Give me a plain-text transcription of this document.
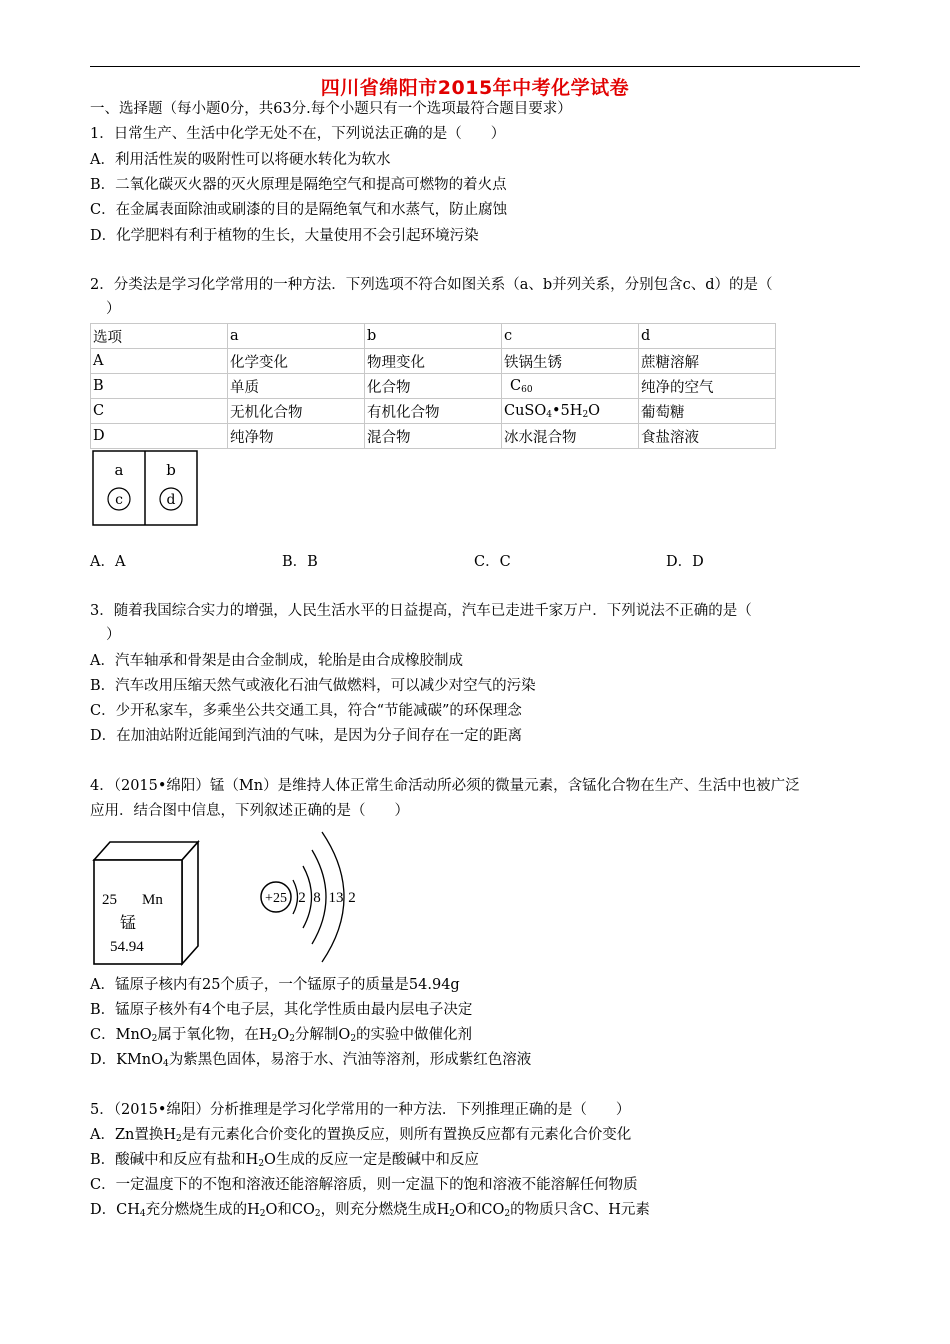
四川省绵阳市2015年中考化学试卷
一、选择题（每小题0分，共63分.每个小题只有一个选项最符合题目要求）
1．日常生产、生活中化学无处不在，下列说法正确的是（　　）
A．利用活性炭的吸附性可以将硬水转化为软水
B．二氧化碳灭火器的灭火原理是隔绝空气和提高可燃物的着火点
C．在金属表面除油或刷漆的目的是隔绝氧气和水蒸气，防止腐蚀
D．化学肥料有利于植物的生长，大量使用不会引起环境污染
2．分类法是学习化学常用的一种方法．下列选项不符合如图关系（a、b并列关系，分别包含c、d）的是（
）
选项	a	b	c	d
A	化学变化	物理变化	铁锅生锈	蔗糖溶解
B	单质	化合物	$C_{60}$	纯净的空气
C	无机化合物	有机化合物	$CuSO_4•5H_2O$	葡萄糖
D	纯净物	混合物	冰水混合物	食盐溶液
a	b
c	d
A．A	B．B	C．C	D．D
3．随着我国综合实力的增强，人民生活水平的日益提高，汽车已走进千家万户．下列说法不正确的是（
）
A．汽车轴承和骨架是由合金制成，轮胎是由合成橡胶制成
B．汽车改用压缩天然气或液化石油气做燃料，可以减少对空气的污染
C．少开私家车，多乘坐公共交通工具，符合“节能减碳”的环保理念
D．在加油站附近能闻到汽油的气味，是因为分子间存在一定的距离
4．（2015•绵阳）锰（Mn）是维持人体正常生命活动所必须的微量元素，含锰化合物在生产、生活中也被广泛
应用．结合图中信息，下列叙述正确的是（　　）
25 Mn
锰
54.94
+25 2 8 13 2
A．锰原子核内有25个质子，一个锰原子的质量是54.94g
B．锰原子核外有4个电子层，其化学性质由最内层电子决定
C．MnO$_2$属于氧化物，在$H_2O_2$分解制$O_2$的实验中做催化剂
D．KMnO$_4$为紫黑色固体，易溶于水、汽油等溶剂，形成紫红色溶液
5．（2015•绵阳）分析推理是学习化学常用的一种方法．下列推理正确的是（　　）
A．Zn置换$H_2$是有元素化合价变化的置换反应，则所有置换反应都有元素化合价变化
B．酸碱中和反应有盐和$H_2O$生成的反应一定是酸碱中和反应
C．一定温度下的不饱和溶液还能溶解溶质，则一定温下的饱和溶液不能溶解任何物质
D．$CH_4$充分燃烧生成的$H_2O$和$CO_2$，则充分燃烧生成$H_2O$和$CO_2$的物质只含C、H元素
